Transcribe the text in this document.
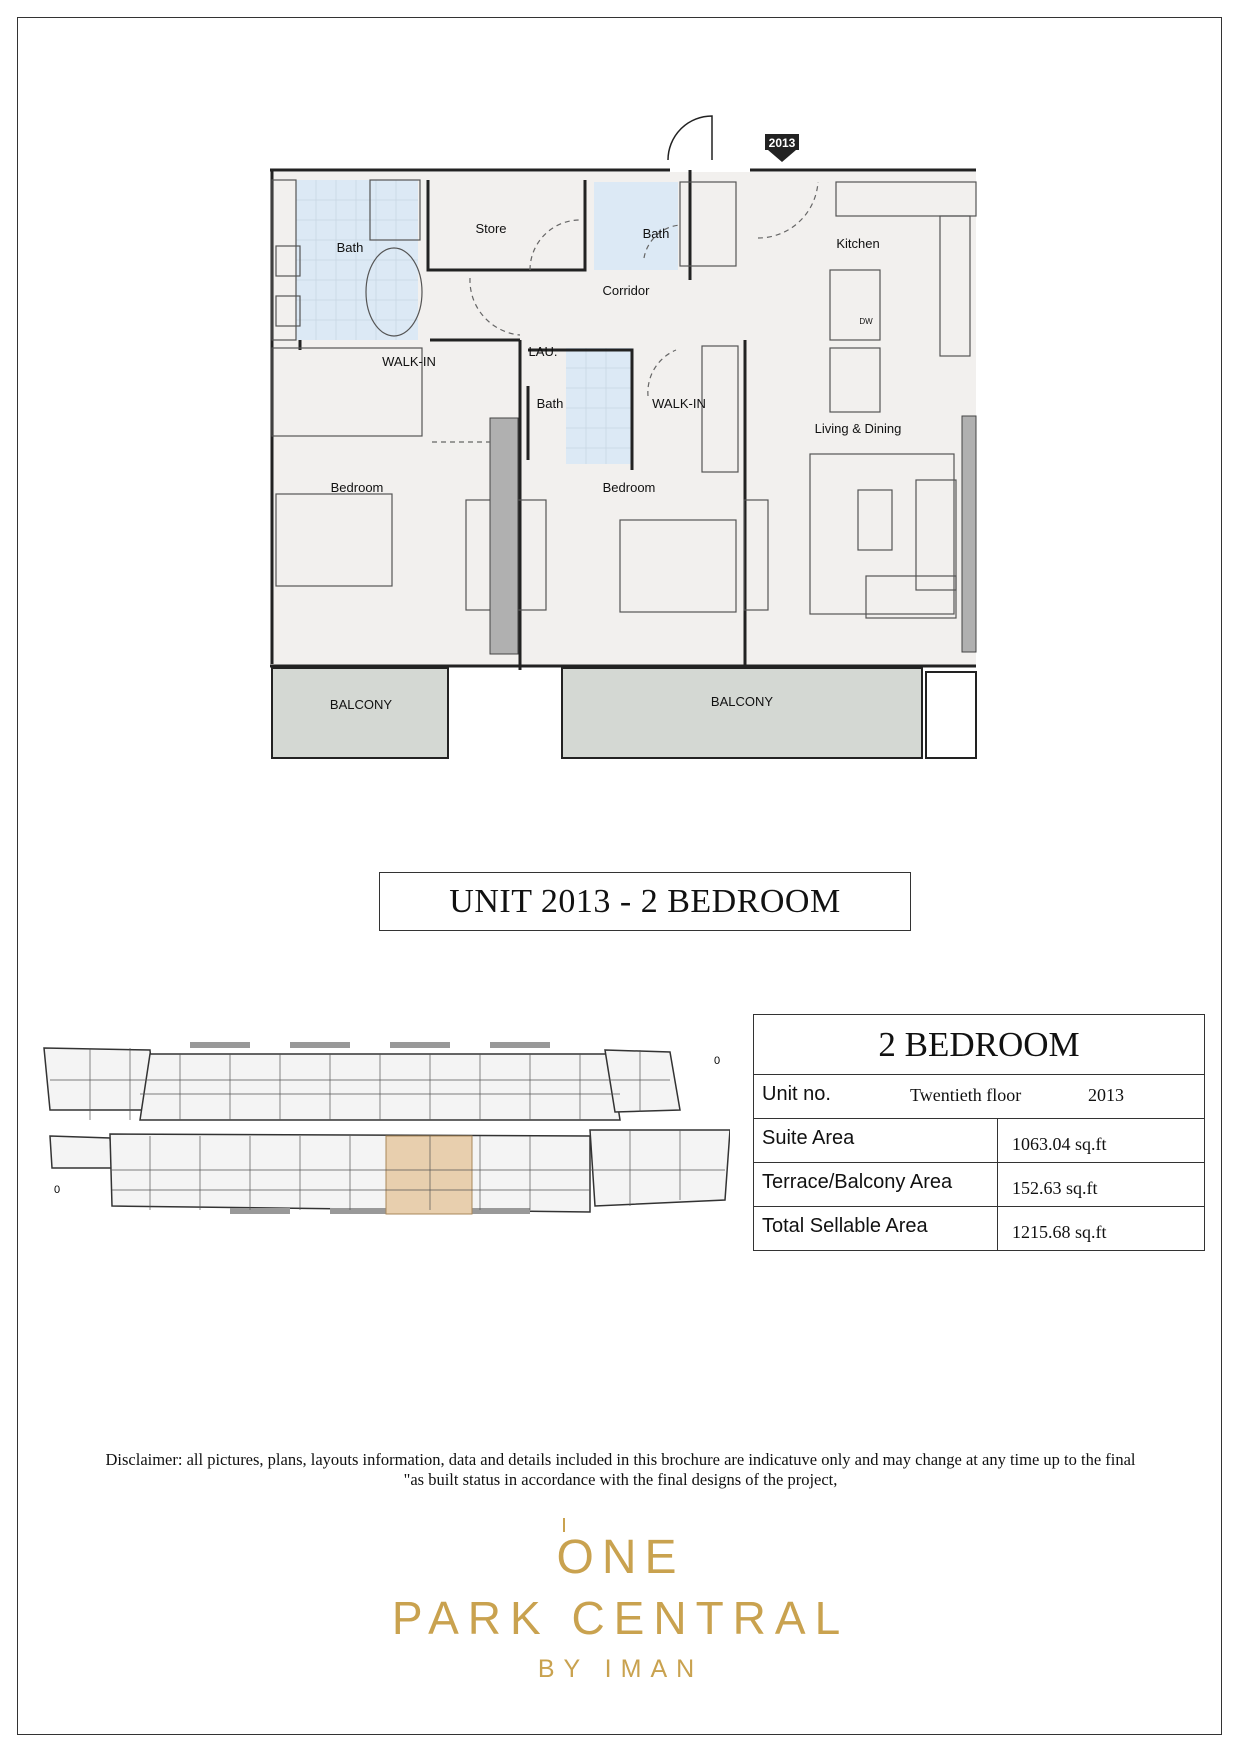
2013
Bath
Store	Bath
Kitchen
Corridor
WALK-IN
LAU.
Bath	WALK-IN
Living & Dining
Bedroom	Bedroom
BALCONY	BALCONY
DW
UNIT 2013 - 2 BEDROOM
0
0	2 BEDROOM
Unit no.	Twentieth floor	2013
Suite Area	1063.04 sq.ft
Terrace/Balcony Area	152.63 sq.ft
Total Sellable Area	1215.68 sq.ft
Disclaimer: all pictures, plans, layouts information, data and details included in this brochure are indicatuve only and may change at any time up to the final
"as built status in accordance with the final designs of the project,
ONE
PARK CENTRAL
BY IMAN
